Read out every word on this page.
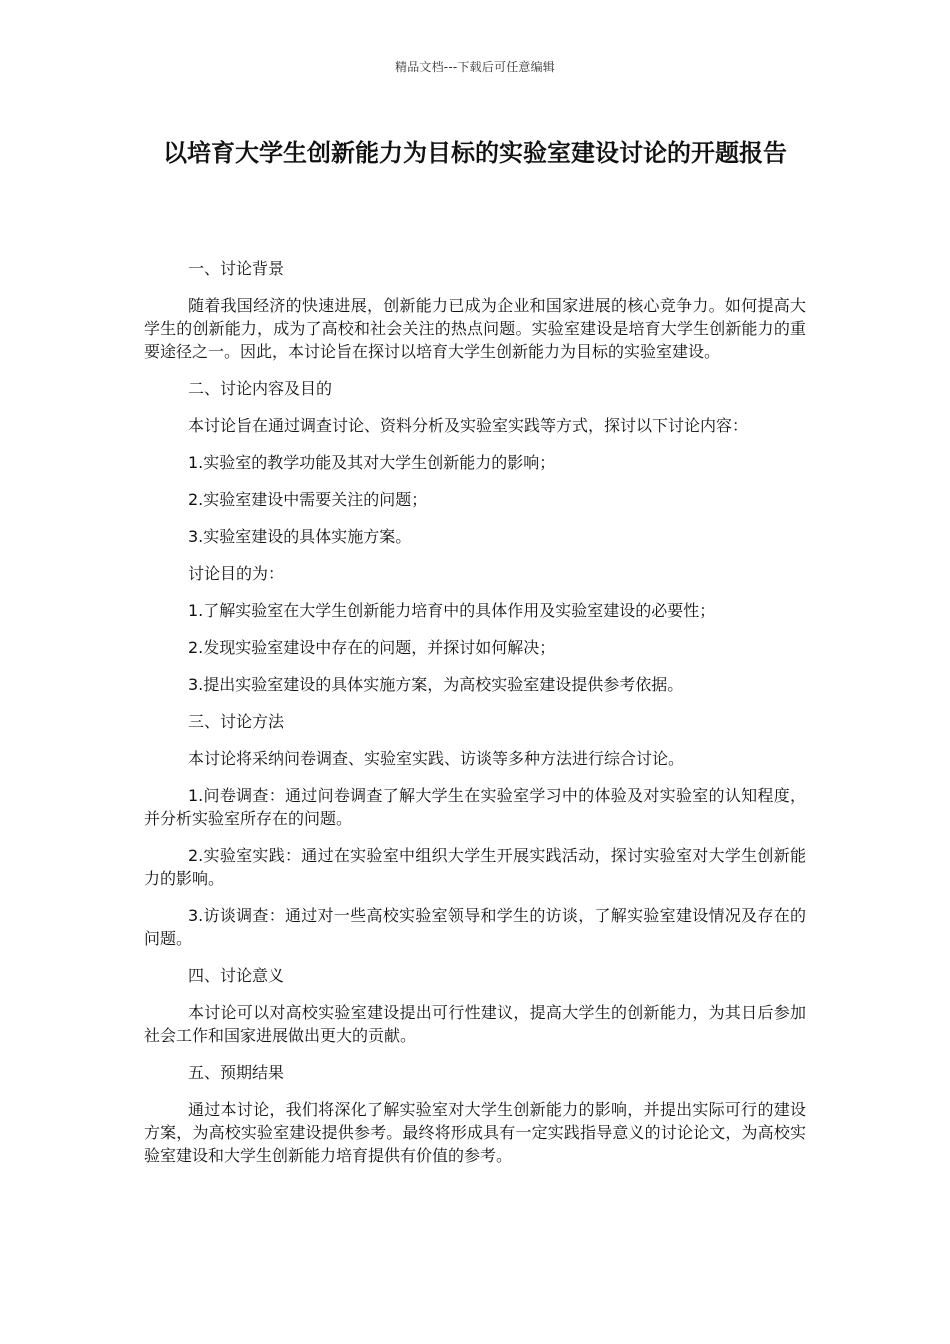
精品文档---下载后可任意编辑
以培育大学生创新能力为目标的实验室建设讨论的开题报告

一、讨论背景

随着我国经济的快速进展，创新能力已成为企业和国家进展的核心竞争力。如何提高大学生的创新能力，成为了高校和社会关注的热点问题。实验室建设是培育大学生创新能力的重要途径之一。因此，本讨论旨在探讨以培育大学生创新能力为目标的实验室建设。

二、讨论内容及目的

本讨论旨在通过调查讨论、资料分析及实验室实践等方式，探讨以下讨论内容：

1.实验室的教学功能及其对大学生创新能力的影响；

2.实验室建设中需要关注的问题；

3.实验室建设的具体实施方案。

讨论目的为：

1.了解实验室在大学生创新能力培育中的具体作用及实验室建设的必要性；

2.发现实验室建设中存在的问题，并探讨如何解决；

3.提出实验室建设的具体实施方案，为高校实验室建设提供参考依据。

三、讨论方法

本讨论将采纳问卷调查、实验室实践、访谈等多种方法进行综合讨论。

1.问卷调查：通过问卷调查了解大学生在实验室学习中的体验及对实验室的认知程度，并分析实验室所存在的问题。

2.实验室实践：通过在实验室中组织大学生开展实践活动，探讨实验室对大学生创新能力的影响。

3.访谈调查：通过对一些高校实验室领导和学生的访谈，了解实验室建设情况及存在的问题。

四、讨论意义

本讨论可以对高校实验室建设提出可行性建议，提高大学生的创新能力，为其日后参加社会工作和国家进展做出更大的贡献。

五、预期结果

通过本讨论，我们将深化了解实验室对大学生创新能力的影响，并提出实际可行的建设方案，为高校实验室建设提供参考。最终将形成具有一定实践指导意义的讨论论文，为高校实验室建设和大学生创新能力培育提供有价值的参考。
